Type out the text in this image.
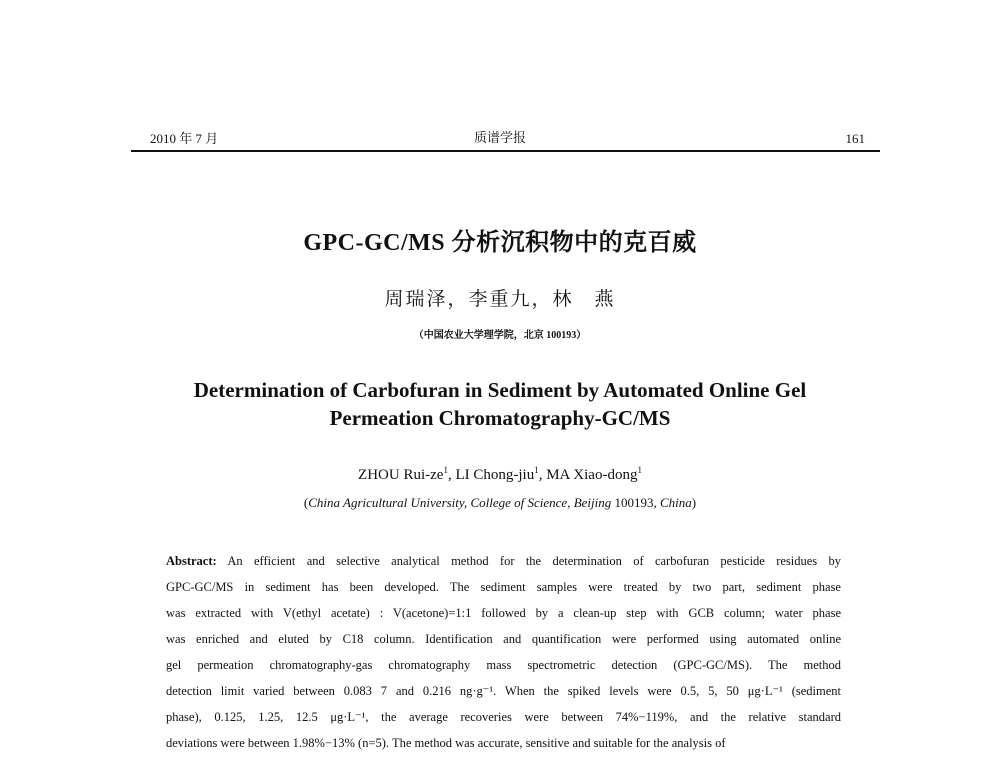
2010 年 7 月	质谱学报	161
GPC-GC/MS 分析沉积物中的克百威
周瑞泽，李重九，林　燕
（中国农业大学理学院，北京 100193）
Determination of Carbofuran in Sediment by Automated Online Gel
Permeation Chromatography-GC/MS
ZHOU Rui-$ze^1$, LI Chong-jiu$^1$, MA Xiao-dong$^1$
(China Agricultural University, College of Science, Beijing 100193, China)
Abstract: An efficient and selective analytical method for the determination of carbofuran pesticide residues by
GPC-GC/MS in sediment has been developed. The sediment samples were treated by two part, sediment phase
was extracted with V(ethyl acetate) : V(acetone)=1:1 followed by a clean-up step with GCB column; water phase
was enriched and eluted by C18 column. Identification and quantification were performed using automated online
gel permeation chromatography-gas chromatography mass spectrometric detection (GPC-GC/MS). The method
detection limit varied between 0.083 7 and 0.216 ng·g⁻¹. When the spiked levels were 0.5, 5, 50 μg·L⁻¹ (sediment
phase), 0.125, 1.25, 12.5 μg·L⁻¹, the average recoveries were between 74%−119%, and the relative standard
deviations were between 1.98%−13% (n=5). The method was accurate, sensitive and suitable for the analysis of
